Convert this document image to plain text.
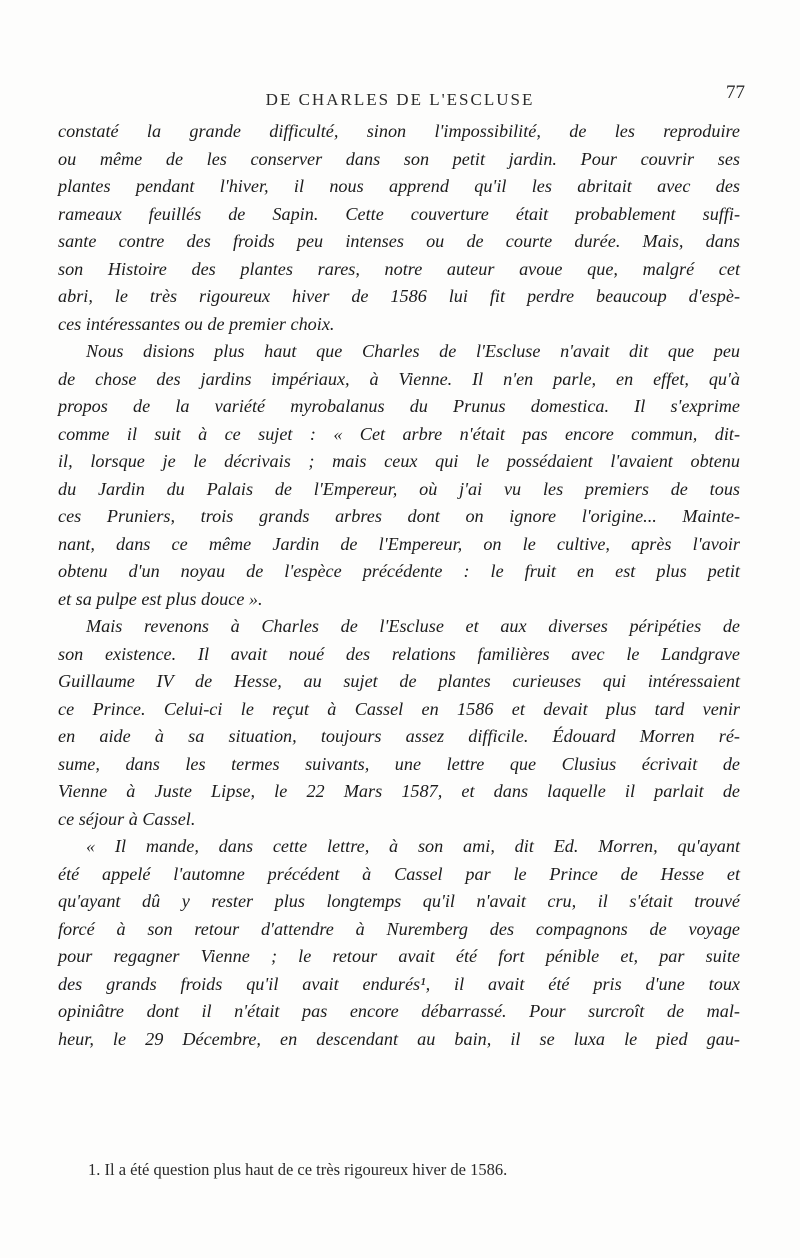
DE CHARLES DE L'ESCLUSE	77
constaté la grande difficulté, sinon l'impossibilité, de les reproduire
ou même de les conserver dans son petit jardin. Pour couvrir ses
plantes pendant l'hiver, il nous apprend qu'il les abritait avec des
rameaux feuillés de Sapin. Cette couverture était probablement suffi-
sante contre des froids peu intenses ou de courte durée. Mais, dans
son Histoire des plantes rares, notre auteur avoue que, malgré cet
abri, le très rigoureux hiver de 1586 lui fit perdre beaucoup d'espè-
ces intéressantes ou de premier choix.
Nous disions plus haut que Charles de l'Escluse n'avait dit que peu
de chose des jardins impériaux, à Vienne. Il n'en parle, en effet, qu'à
propos de la variété myrobalanus du Prunus domestica. Il s'exprime
comme il suit à ce sujet : « Cet arbre n'était pas encore commun, dit-
il, lorsque je le décrivais ; mais ceux qui le possédaient l'avaient obtenu
du Jardin du Palais de l'Empereur, où j'ai vu les premiers de tous
ces Pruniers, trois grands arbres dont on ignore l'origine... Mainte-
nant, dans ce même Jardin de l'Empereur, on le cultive, après l'avoir
obtenu d'un noyau de l'espèce précédente : le fruit en est plus petit
et sa pulpe est plus douce ».
Mais revenons à Charles de l'Escluse et aux diverses péripéties de
son existence. Il avait noué des relations familières avec le Landgrave
Guillaume IV de Hesse, au sujet de plantes curieuses qui intéressaient
ce Prince. Celui-ci le reçut à Cassel en 1586 et devait plus tard venir
en aide à sa situation, toujours assez difficile. Édouard Morren ré-
sume, dans les termes suivants, une lettre que Clusius écrivait de
Vienne à Juste Lipse, le 22 Mars 1587, et dans laquelle il parlait de
ce séjour à Cassel.
« Il mande, dans cette lettre, à son ami, dit Ed. Morren, qu'ayant
été appelé l'automne précédent à Cassel par le Prince de Hesse et
qu'ayant dû y rester plus longtemps qu'il n'avait cru, il s'était trouvé
forcé à son retour d'attendre à Nuremberg des compagnons de voyage
pour regagner Vienne ; le retour avait été fort pénible et, par suite
des grands froids qu'il avait endurés¹, il avait été pris d'une toux
opiniâtre dont il n'était pas encore débarrassé. Pour surcroît de mal-
heur, le 29 Décembre, en descendant au bain, il se luxa le pied gau-
1. Il a été question plus haut de ce très rigoureux hiver de 1586.
